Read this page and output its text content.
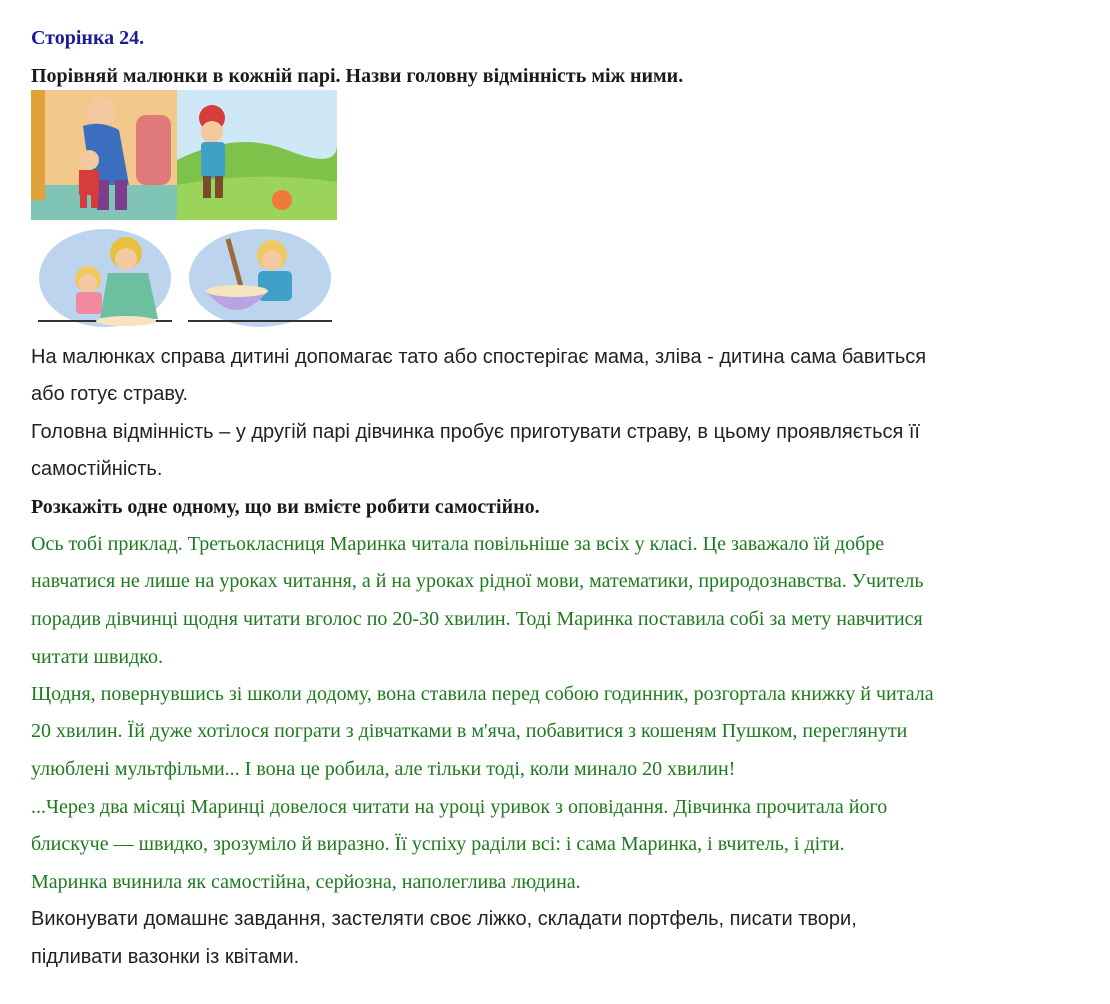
Сторінка 24.
Порівняй малюнки в кожній парі. Назви головну відмінність між ними.
На малюнках справа дитині допомагає тато або спостерігає мама, зліва - дитина сама бавиться
або готує страву.
Головна відмінність – у другій парі дівчинка пробує приготувати страву, в цьому проявляється її
самостійність.
Розкажіть одне одному, що ви вмієте робити самостійно.
Ось тобі приклад. Третьокласниця Маринка читала повільніше за всіх у класі. Це заважало їй добре
навчатися не лише на уроках читання, а й на уроках рідної мови, математики, природознавства. Учитель
порадив дівчинці щодня читати вголос по 20-30 хвилин. Тоді Маринка поставила собі за мету навчитися
читати швидко.
Щодня, повернувшись зі школи додому, вона ставила перед собою годинник, розгортала книжку й читала
20 хвилин. Їй дуже хотілося пограти з дівчатками в м'яча, побавитися з кошеням Пушком, переглянути
улюблені мультфільми... І вона це робила, але тільки тоді, коли минало 20 хвилин!
...Через два місяці Маринці довелося читати на уроці уривок з оповідання. Дівчинка прочитала його
блискуче — швидко, зрозуміло й виразно. Її успіху раділи всі: і сама Маринка, і вчитель, і діти.
Маринка вчинила як самостійна, серйозна, наполеглива людина.
Виконувати домашнє завдання, застеляти своє ліжко, складати портфель, писати твори,
підливати вазонки із квітами.
